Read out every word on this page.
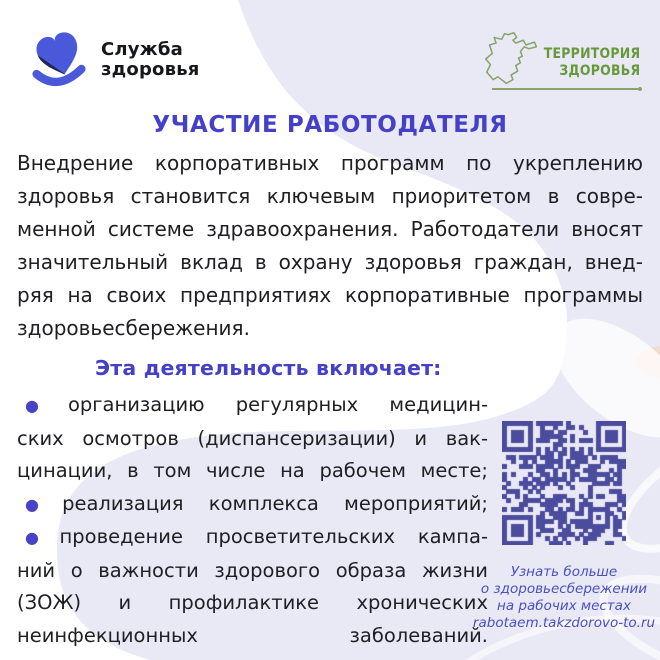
Служба
здоровья
ТЕРРИТОРИЯ
ЗДОРОВЬЯ
УЧАСТИЕ РАБОТОДАТЕЛЯ
Внедрение корпоративных программ по укреплению
здоровья становится ключевым приоритетом в совре-
менной системе здравоохранения. Работодатели вносят
значительный вклад в охрану здоровья граждан, внед-
ряя на своих предприятиях корпоративные программы
здоровьесбережения.
Эта деятельность включает:
● организацию регулярных медицин-
ских осмотров (диспансеризации) и вак-
цинации, в том числе на рабочем месте;
● реализация комплекса мероприятий;
● проведение просветительских кампа-
ний о важности здорового образа жизни
(ЗОЖ) и профилактике хронических
неинфекционных заболеваний.
Узнать больше
о здоровьесбережении
на рабочих местах
rabotaem.takzdorovo-to.ru
